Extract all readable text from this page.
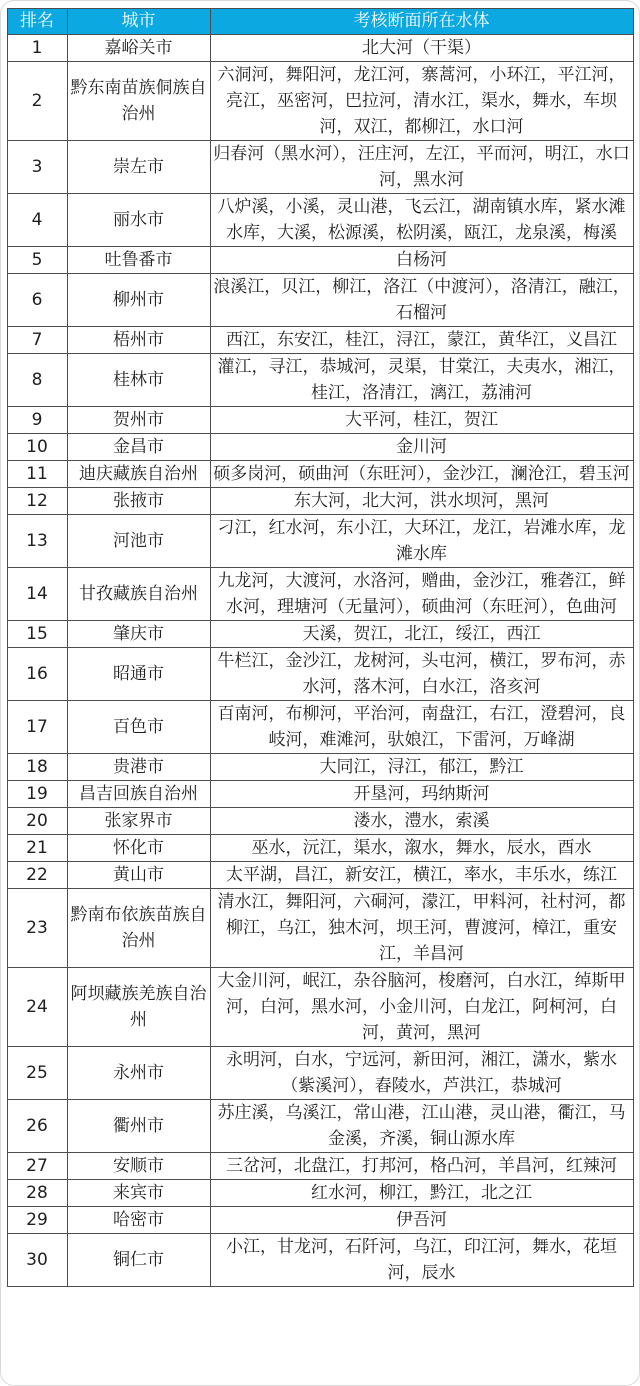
排名	城市	考核断面所在水体
1	嘉峪关市	北大河（干渠）
2	黔东南苗族侗族自治州	六洞河，舞阳河，龙江河，寨蒿河，小环江，平江河，亮江，巫密河，巴拉河，清水江，渠水，舞水，车坝河，双江，都柳江，水口河
3	崇左市	归春河（黑水河），汪庄河，左江，平而河，明江，水口河，黑水河
4	丽水市	八炉溪，小溪，灵山港，飞云江，湖南镇水库，紧水滩水库，大溪，松源溪，松阴溪，瓯江，龙泉溪，梅溪
5	吐鲁番市	白杨河
6	柳州市	浪溪江，贝江，柳江，洛江（中渡河），洛清江，融江，石榴河
7	梧州市	西江，东安江，桂江，浔江，蒙江，黄华江，义昌江
8	桂林市	灌江，寻江，恭城河，灵渠，甘棠江，夫夷水，湘江，桂江，洛清江，漓江，荔浦河
9	贺州市	大平河，桂江，贺江
10	金昌市	金川河
11	迪庆藏族自治州	硕多岗河，硕曲河（东旺河），金沙江，澜沧江，碧玉河
12	张掖市	东大河，北大河，洪水坝河，黑河
13	河池市	刁江，红水河，东小江，大环江，龙江，岩滩水库，龙滩水库
14	甘孜藏族自治州	九龙河，大渡河，水洛河，赠曲，金沙江，雅砻江，鲜水河，理塘河（无量河），硕曲河（东旺河），色曲河
15	肇庆市	天溪，贺江，北江，绥江，西江
16	昭通市	牛栏江，金沙江，龙树河，头屯河，横江，罗布河，赤水河，落木河，白水江，洛亥河
17	百色市	百南河，布柳河，平治河，南盘江，右江，澄碧河，良岐河，难滩河，驮娘江，下雷河，万峰湖
18	贵港市	大同江，浔江，郁江，黔江
19	昌吉回族自治州	开垦河，玛纳斯河
20	张家界市	溇水，澧水，索溪
21	怀化市	巫水，沅江，渠水，溆水，舞水，辰水，酉水
22	黄山市	太平湖，昌江，新安江，横江，率水，丰乐水，练江
23	黔南布依族苗族自治州	清水江，舞阳河，六硐河，濛江，甲料河，社村河，都柳江，乌江，独木河，坝王河，曹渡河，樟江，重安江，羊昌河
24	阿坝藏族羌族自治州	大金川河，岷江，杂谷脑河，梭磨河，白水江，绰斯甲河，白河，黑水河，小金川河，白龙江，阿柯河，白河，黄河，黑河
25	永州市	永明河，白水，宁远河，新田河，湘江，潇水，紫水（紫溪河），舂陵水，芦洪江，恭城河
26	衢州市	苏庄溪，乌溪江，常山港，江山港，灵山港，衢江，马金溪，齐溪，铜山源水库
27	安顺市	三岔河，北盘江，打邦河，格凸河，羊昌河，红辣河
28	来宾市	红水河，柳江，黔江，北之江
29	哈密市	伊吾河
30	铜仁市	小江，甘龙河，石阡河，乌江，印江河，舞水，花垣河，辰水
